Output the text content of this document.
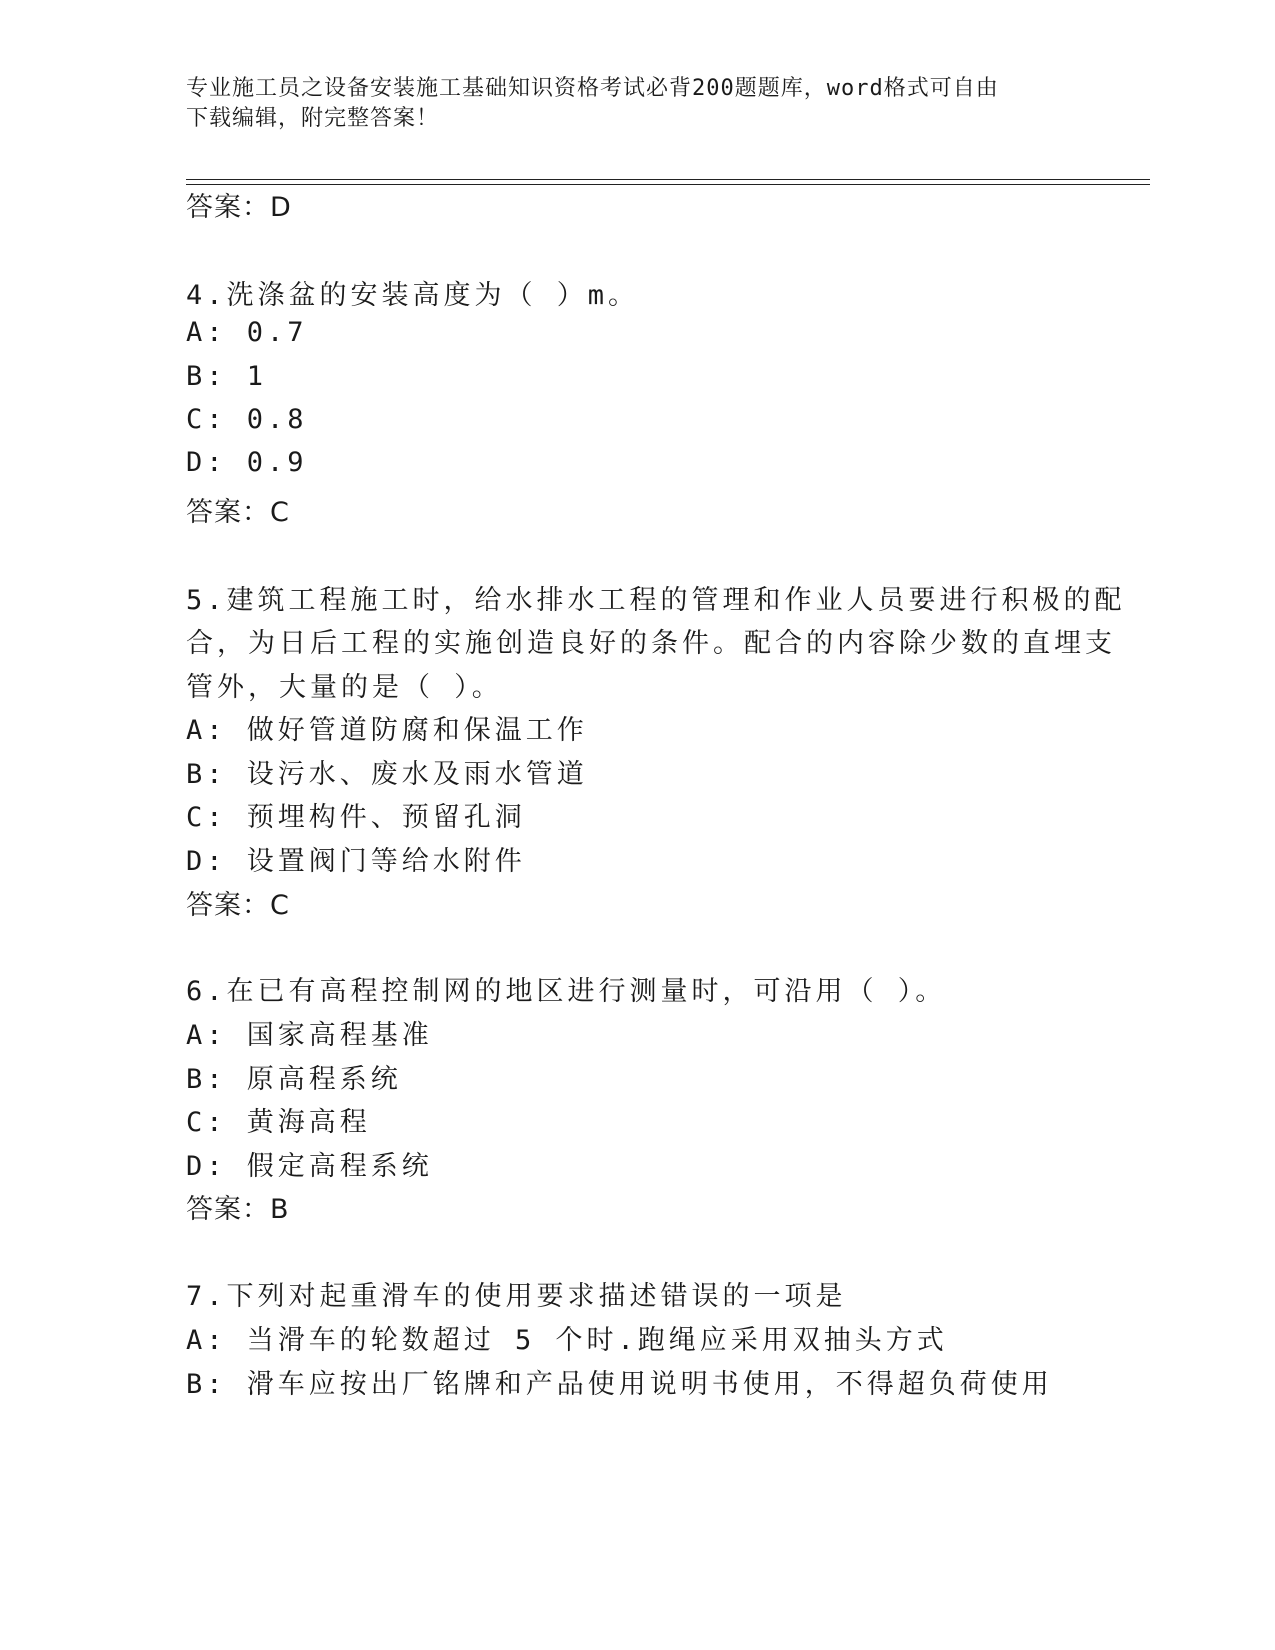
专业施工员之设备安装施工基础知识资格考试必背200题题库，word格式可自由
下载编辑，附完整答案！
答案：D
4.洗涤盆的安装高度为（ ）m。
A: 0.7
B: 1
C: 0.8
D: 0.9
答案：C
5.建筑工程施工时，给水排水工程的管理和作业人员要进行积极的配
合，为日后工程的实施创造良好的条件。配合的内容除少数的直埋支
管外，大量的是（ ）。
A: 做好管道防腐和保温工作
B: 设污水、废水及雨水管道
C: 预埋构件、预留孔洞
D: 设置阀门等给水附件
答案：C
6.在已有高程控制网的地区进行测量时，可沿用（ ）。
A: 国家高程基准
B: 原高程系统
C: 黄海高程
D: 假定高程系统
答案：B
7.下列对起重滑车的使用要求描述错误的一项是
A: 当滑车的轮数超过 5 个时.跑绳应采用双抽头方式
B: 滑车应按出厂铭牌和产品使用说明书使用，不得超负荷使用
